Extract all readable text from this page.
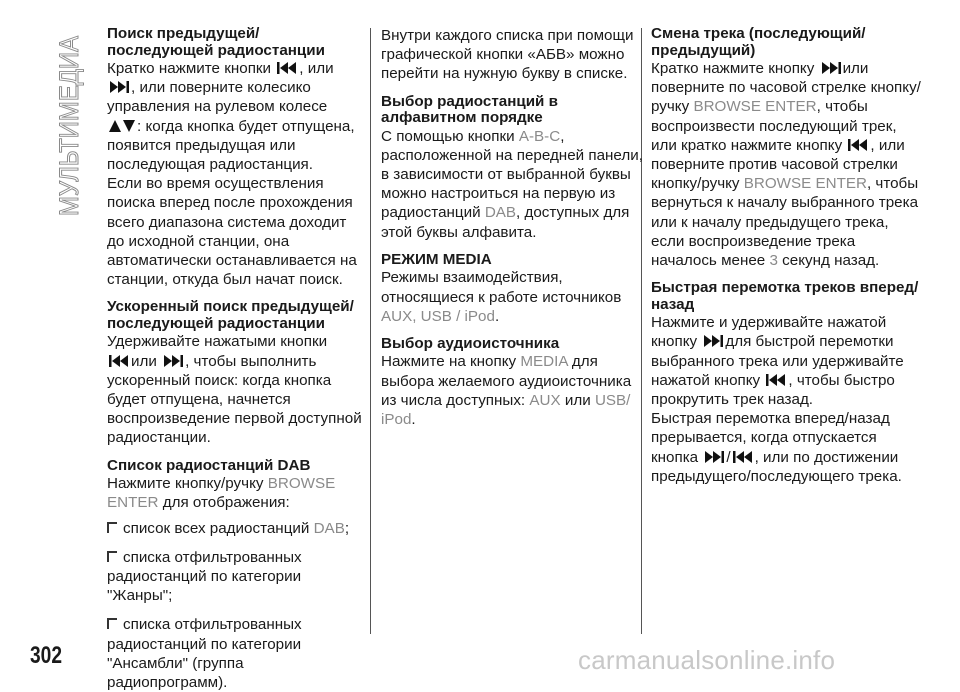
МУЛЬТИМЕДИА Поиск предыдущей/последующей радиостанции

Кратко нажмите кнопки , или
, или поверните колесико управления на рулевом колесе
: когда кнопка будет отпущена, появится предыдущая или последующая радиостанция.

Если во время осуществления поиска вперед после прохождения всего диапазона система доходит до исходной станции, она автоматически останавливается на станции, откуда был начат поиск.

Ускоренный поиск предыдущей/последующей радиостанции

Удерживайте нажатыми кнопки
или , чтобы выполнить ускоренный поиск: когда кнопка будет отпущена, начнется воспроизведение первой доступной радиостанции.

Список радиостанций DAB

Нажмите кнопку/ручку BROWSE ENTER для отображения:

список всех радиостанций DAB;

списка отфильтрованных радиостанций по категории "Жанры";

списка отфильтрованных радиостанций по категории "Ансамбли" (группа радиопрограмм).

Внутри каждого списка при помощи графической кнопки «АБВ» можно перейти на нужную букву в списке.

Выбор радиостанций в алфавитном порядке

С помощью кнопки A-B-C, расположенной на передней панели, в зависимости от выбранной буквы можно настроиться на первую из радиостанций DAB, доступных для этой буквы алфавита.

РЕЖИМ MEDIA

Режимы взаимодействия, относящиеся к работе источников AUX, USB / iPod.

Выбор аудиоисточника

Нажмите на кнопку MEDIA для выбора желаемого аудиоисточника из числа доступных: AUX или USB/ iPod.

Смена трека (последующий/ предыдущий)

Кратко нажмите кнопку или поверните по часовой стрелке кнопку/ручку BROWSE ENTER, чтобы воспроизвести последующий трек, или кратко нажмите кнопку , или поверните против часовой стрелки кнопку/ручку BROWSE ENTER, чтобы вернуться к началу выбранного трека или к началу предыдущего трека, если воспроизведение трека началось менее 3 секунд назад.

Быстрая перемотка треков вперед/назад

Нажмите и удерживайте нажатой кнопку для быстрой перемотки выбранного трека или удерживайте нажатой кнопку , чтобы быстро прокрутить трек назад.

Быстрая перемотка вперед/назад прерывается, когда отпускается кнопка / , или по достижении предыдущего/последующего трека.

302	carmanualsonline.info
